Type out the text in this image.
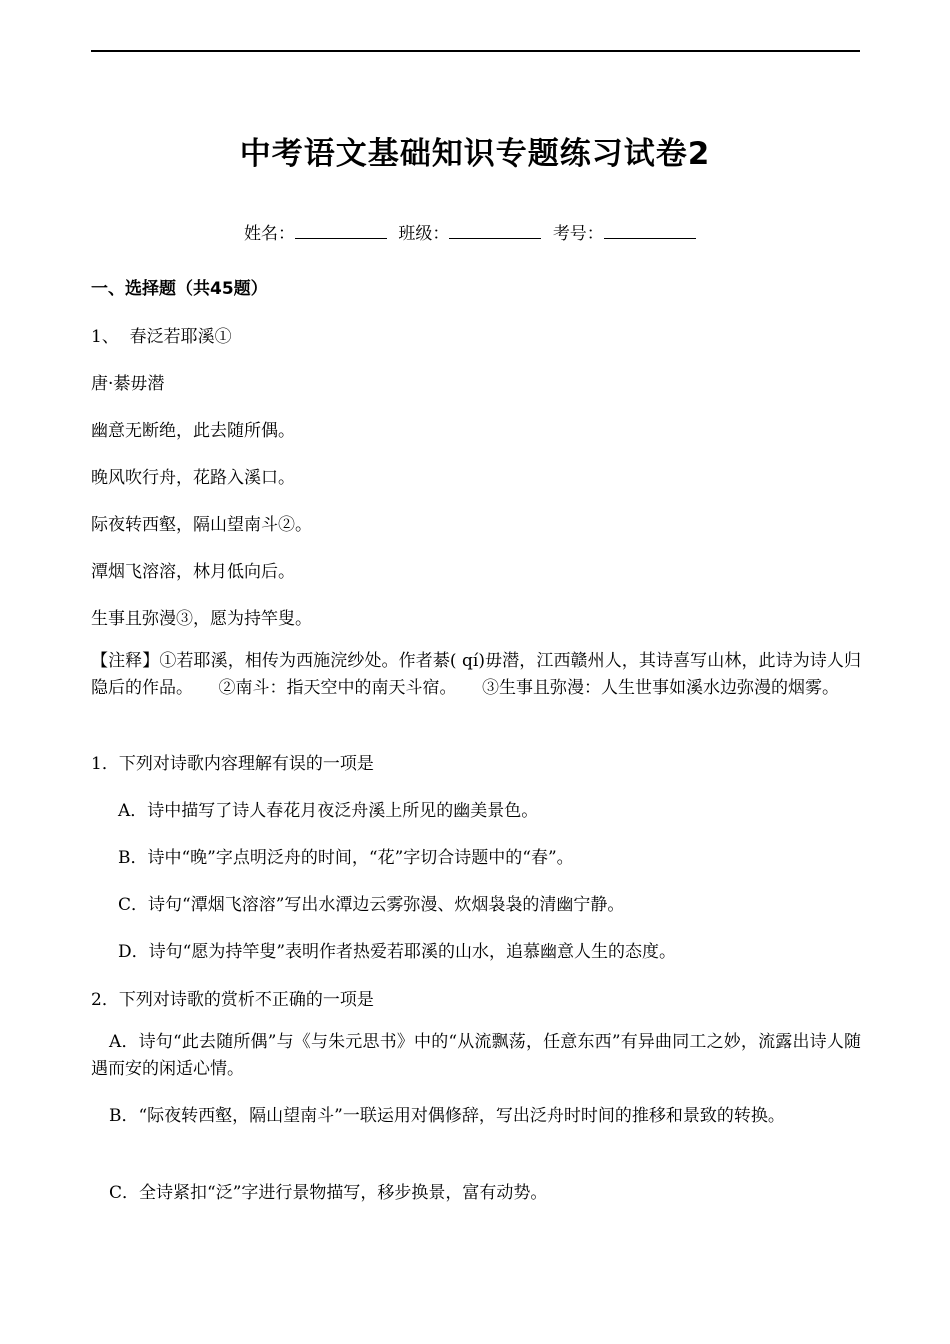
中考语文基础知识专题练习试卷2
姓名：	班级：	考号：
一、选择题（共45题）
1、 春泛若耶溪①
唐·綦毋潜
幽意无断绝，此去随所偶。
晚风吹行舟，花路入溪口。
际夜转西壑，隔山望南斗②。
潭烟飞溶溶，林月低向后。
生事且弥漫③，愿为持竿叟。
【注释】①若耶溪，相传为西施浣纱处。作者綦( qí)毋潜，江西赣州人，其诗喜写山林，此诗为诗人归隐后的作品。　　②南斗：指天空中的南天斗宿。　　③生事且弥漫：人生世事如溪水边弥漫的烟雾。
1．下列对诗歌内容理解有误的一项是
A．诗中描写了诗人春花月夜泛舟溪上所见的幽美景色。
B．诗中“晚”字点明泛舟的时间，“花”字切合诗题中的“春”。
C．诗句“潭烟飞溶溶”写出水潭边云雾弥漫、炊烟袅袅的清幽宁静。
D．诗句“愿为持竿叟”表明作者热爱若耶溪的山水，追慕幽意人生的态度。
2．下列对诗歌的赏析不正确的一项是
A．诗句“此去随所偶”与《与朱元思书》中的“从流飘荡，任意东西”有异曲同工之妙，流露出诗人随遇而安的闲适心情。
B．“际夜转西壑，隔山望南斗”一联运用对偶修辞，写出泛舟时时间的推移和景致的转换。
C．全诗紧扣“泛”字进行景物描写，移步换景，富有动势。
